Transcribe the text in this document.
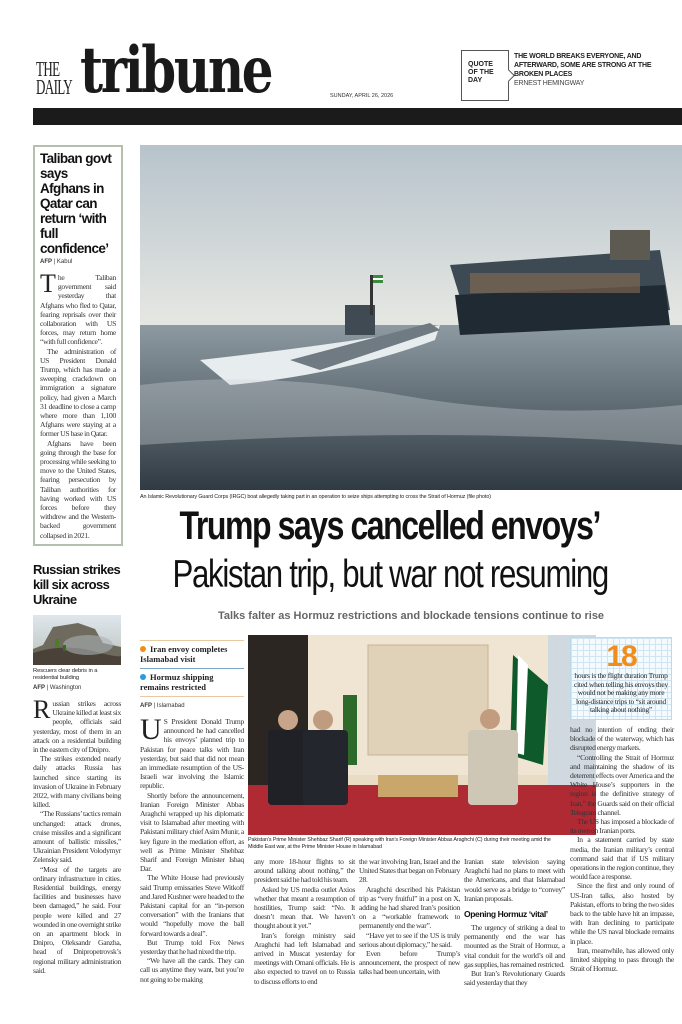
THE
DAILY tribune	SUNDAY, APRIL 26, 2026
QUOTE
OF THE
DAY
THE WORLD BREAKS EVERYONE, AND AFTERWARD, SOME ARE STRONG AT THE BROKEN PLACES
ERNEST HEMINGWAY
Taliban govt says Afghans in Qatar can return ‘with full confidence’
AFP | Kabul
T he Taliban government said yesterday that Afghans who fled to Qatar, fearing reprisals over their collaboration with US forces, may return home “with full confidence”.

The administration of US President Donald Trump, which has made a sweeping crackdown on immigration a signature policy, had given a March 31 deadline to close a camp where more than 1,100 Afghans were staying at a former US base in Qatar.

Afghans have been going through the base for processing while seeking to move to the United States, fearing persecution by Taliban authorities for having worked with US forces before they withdrew and the Western-backed government collapsed in 2021.

Russian strikes kill six across Ukraine
Rescuers clear debris in a residential building
AFP | Washington
R ussian strikes across Ukraine killed at least six people, officials said yesterday, most of them in an attack on a residential building in the eastern city of Dnipro.

The strikes extended nearly daily attacks Russia has launched since starting its invasion of Ukraine in February 2022, with many civilians being killed.

“The Russians’ tactics remain unchanged: attack drones, cruise missiles and a significant amount of ballistic missiles,” Ukrainian President Volodymyr Zelensky said.

“Most of the targets are ordinary infrastructure in cities. Residential buildings, energy facilities and businesses have been damaged,” he said. Four people were killed and 27 wounded in one overnight strike on an apartment block in Dnipro, Oleksandr Ganzha, head of Dnipropetrovsk’s regional military administration said.

An Islamic Revolutionary Guard Corps (IRGC) boat allegedly taking part in an operation to seize ships attempting to cross the Strait of Hormuz (file photo)
Trump says cancelled envoys’
Pakistan trip, but war not resuming
Talks falter as Hormuz restrictions and blockade tensions continue to rise
Iran envoy completes Islamabad visit
Hormuz shipping remains restricted
AFP | Islamabad
U S President Donald Trump announced he had cancelled his envoys’ planned trip to Pakistan for peace talks with Iran yesterday, but said that did not mean an immediate resumption of the US-Israeli war involving the Islamic republic.

Shortly before the announcement, Iranian Foreign Minister Abbas Araghchi wrapped up his diplomatic visit to Islamabad after meeting with Pakistani military chief Asim Munir, a key figure in the mediation effort, as well as Prime Minister Shehbaz Sharif and Foreign Minister Ishaq Dar.

The White House had previously said Trump emissaries Steve Witkoff and Jared Kushner were headed to the Pakistani capital for an “in-person conversation” with the Iranians that would “hopefully move the ball forward towards a deal”.

But Trump told Fox News yesterday that he had nixed the trip.

“We have all the cards. They can call us anytime they want, but you’re not going to be making

Pakistan’s Prime Minister Shehbaz Sharif (R) speaking with Iran’s Foreign Minister Abbas Araghchi (C) during their meeting amid the Middle East war, at the Prime Minister House in Islamabad

any more 18-hour flights to sit around talking about nothing,” the president said he had told his team.

Asked by US media outlet Axios whether that meant a resumption of hostilities, Trump said: “No. It doesn’t mean that. We haven’t thought about it yet.”

Iran’s foreign ministry said Araghchi had left Islamabad and arrived in Muscat yesterday for meetings with Omani officials. He is also expected to travel on to Russia to discuss efforts to end

the war involving Iran, Israel and the United States that began on February 28.

Araghchi described his Pakistan trip as “very fruitful” in a post on X, adding he had shared Iran’s position on a “workable framework to permanently end the war”.

“Have yet to see if the US is truly serious about diplomacy,” he said.

Even before Trump’s announcement, the prospect of new talks had been uncertain, with

Iranian state television saying Araghchi had no plans to meet with the Americans, and that Islamabad would serve as a bridge to “convey” Iranian proposals.

Opening Hormuz ‘vital’

The urgency of striking a deal to permanently end the war has mounted as the Strait of Hormuz, a vital conduit for the world’s oil and gas supplies, has remained restricted.

But Iran’s Revolutionary Guards said yesterday that they

18
hours is the flight duration Trump cited when telling his envoys they would not be making any more long-distance trips to “sit around talking about nothing”

had no intention of ending their blockade of the waterway, which has disrupted energy markets.

“Controlling the Strait of Hormuz and maintaining the shadow of its deterrent effects over America and the White House’s supporters in the region is the definitive strategy of Iran,” the Guards said on their official Telegram channel.

The US has imposed a blockade of its own on Iranian ports.

In a statement carried by state media, the Iranian military’s central command said that if US military operations in the region continue, they would face a response.

Since the first and only round of US-Iran talks, also hosted by Pakistan, efforts to bring the two sides back to the table have hit an impasse, with Iran declining to participate while the US naval blockade remains in place.

Iran, meanwhile, has allowed only limited shipping to pass through the Strait of Hormuz.
